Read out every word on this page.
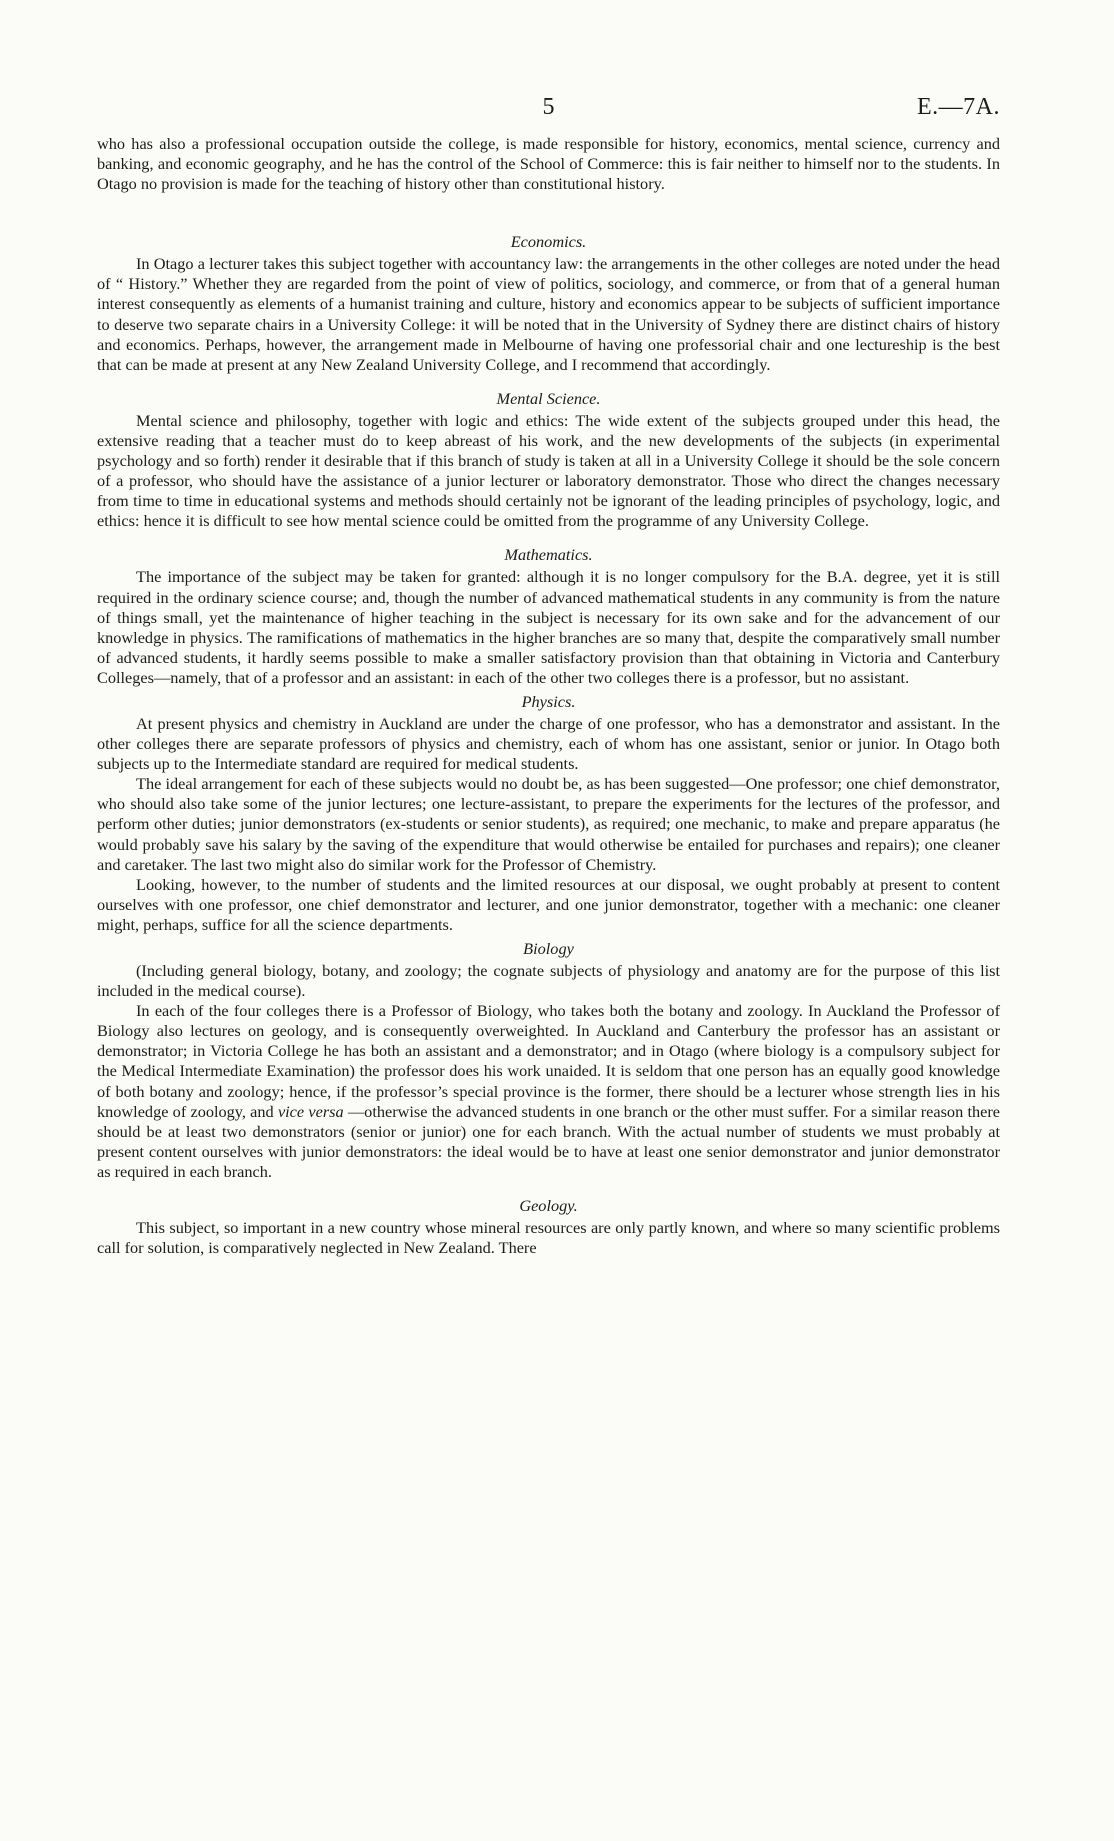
5	E.—7A.

who has also a professional occupation outside the college, is made responsible for history, economics, mental science, currency and banking, and economic geography, and he has the control of the School of Commerce: this is fair neither to himself nor to the students. In Otago no provision is made for the teaching of history other than constitutional history.

Economics.

In Otago a lecturer takes this subject together with accountancy law: the arrangements in the other colleges are noted under the head of “ History.” Whether they are regarded from the point of view of politics, sociology, and commerce, or from that of a general human interest consequently as elements of a humanist training and culture, history and economics appear to be subjects of sufficient importance to deserve two separate chairs in a University College: it will be noted that in the University of Sydney there are distinct chairs of history and economics. Perhaps, however, the arrangement made in Melbourne of having one professorial chair and one lectureship is the best that can be made at present at any New Zealand University College, and I recommend that accordingly.

Mental Science.

Mental science and philosophy, together with logic and ethics: The wide extent of the subjects grouped under this head, the extensive reading that a teacher must do to keep abreast of his work, and the new developments of the subjects (in experimental psychology and so forth) render it desirable that if this branch of study is taken at all in a University College it should be the sole concern of a professor, who should have the assistance of a junior lecturer or laboratory demonstrator. Those who direct the changes necessary from time to time in educational systems and methods should certainly not be ignorant of the leading principles of psychology, logic, and ethics: hence it is difficult to see how mental science could be omitted from the programme of any University College.

Mathematics.

The importance of the subject may be taken for granted: although it is no longer compulsory for the B.A. degree, yet it is still required in the ordinary science course; and, though the number of advanced mathematical students in any community is from the nature of things small, yet the maintenance of higher teaching in the subject is necessary for its own sake and for the advancement of our knowledge in physics. The ramifications of mathematics in the higher branches are so many that, despite the comparatively small number of advanced students, it hardly seems possible to make a smaller satisfactory provision than that obtaining in Victoria and Canterbury Colleges—namely, that of a professor and an assistant: in each of the other two colleges there is a professor, but no assistant.

Physics.

At present physics and chemistry in Auckland are under the charge of one professor, who has a demonstrator and assistant. In the other colleges there are separate professors of physics and chemistry, each of whom has one assistant, senior or junior. In Otago both subjects up to the Intermediate standard are required for medical students.

The ideal arrangement for each of these subjects would no doubt be, as has been suggested—One professor; one chief demonstrator, who should also take some of the junior lectures; one lecture-assistant, to prepare the experiments for the lectures of the professor, and perform other duties; junior demonstrators (ex-students or senior students), as required; one mechanic, to make and prepare apparatus (he would probably save his salary by the saving of the expenditure that would otherwise be entailed for purchases and repairs); one cleaner and caretaker. The last two might also do similar work for the Professor of Chemistry.

Looking, however, to the number of students and the limited resources at our disposal, we ought probably at present to content ourselves with one professor, one chief demonstrator and lecturer, and one junior demonstrator, together with a mechanic: one cleaner might, perhaps, suffice for all the science departments.

Biology

(Including general biology, botany, and zoology; the cognate subjects of physiology and anatomy are for the purpose of this list included in the medical course).

In each of the four colleges there is a Professor of Biology, who takes both the botany and zoology. In Auckland the Professor of Biology also lectures on geology, and is consequently overweighted. In Auckland and Canterbury the professor has an assistant or demonstrator; in Victoria College he has both an assistant and a demonstrator; and in Otago (where biology is a compulsory subject for the Medical Intermediate Examination) the professor does his work unaided. It is seldom that one person has an equally good knowledge of both botany and zoology; hence, if the professor’s special province is the former, there should be a lecturer whose strength lies in his knowledge of zoology, and vice versa —otherwise the advanced students in one branch or the other must suffer. For a similar reason there should be at least two demonstrators (senior or junior) one for each branch. With the actual number of students we must probably at present content ourselves with junior demonstrators: the ideal would be to have at least one senior demonstrator and junior demonstrator as required in each branch.

Geology.

This subject, so important in a new country whose mineral resources are only partly known, and where so many scientific problems call for solution, is comparatively neglected in New Zealand. There
